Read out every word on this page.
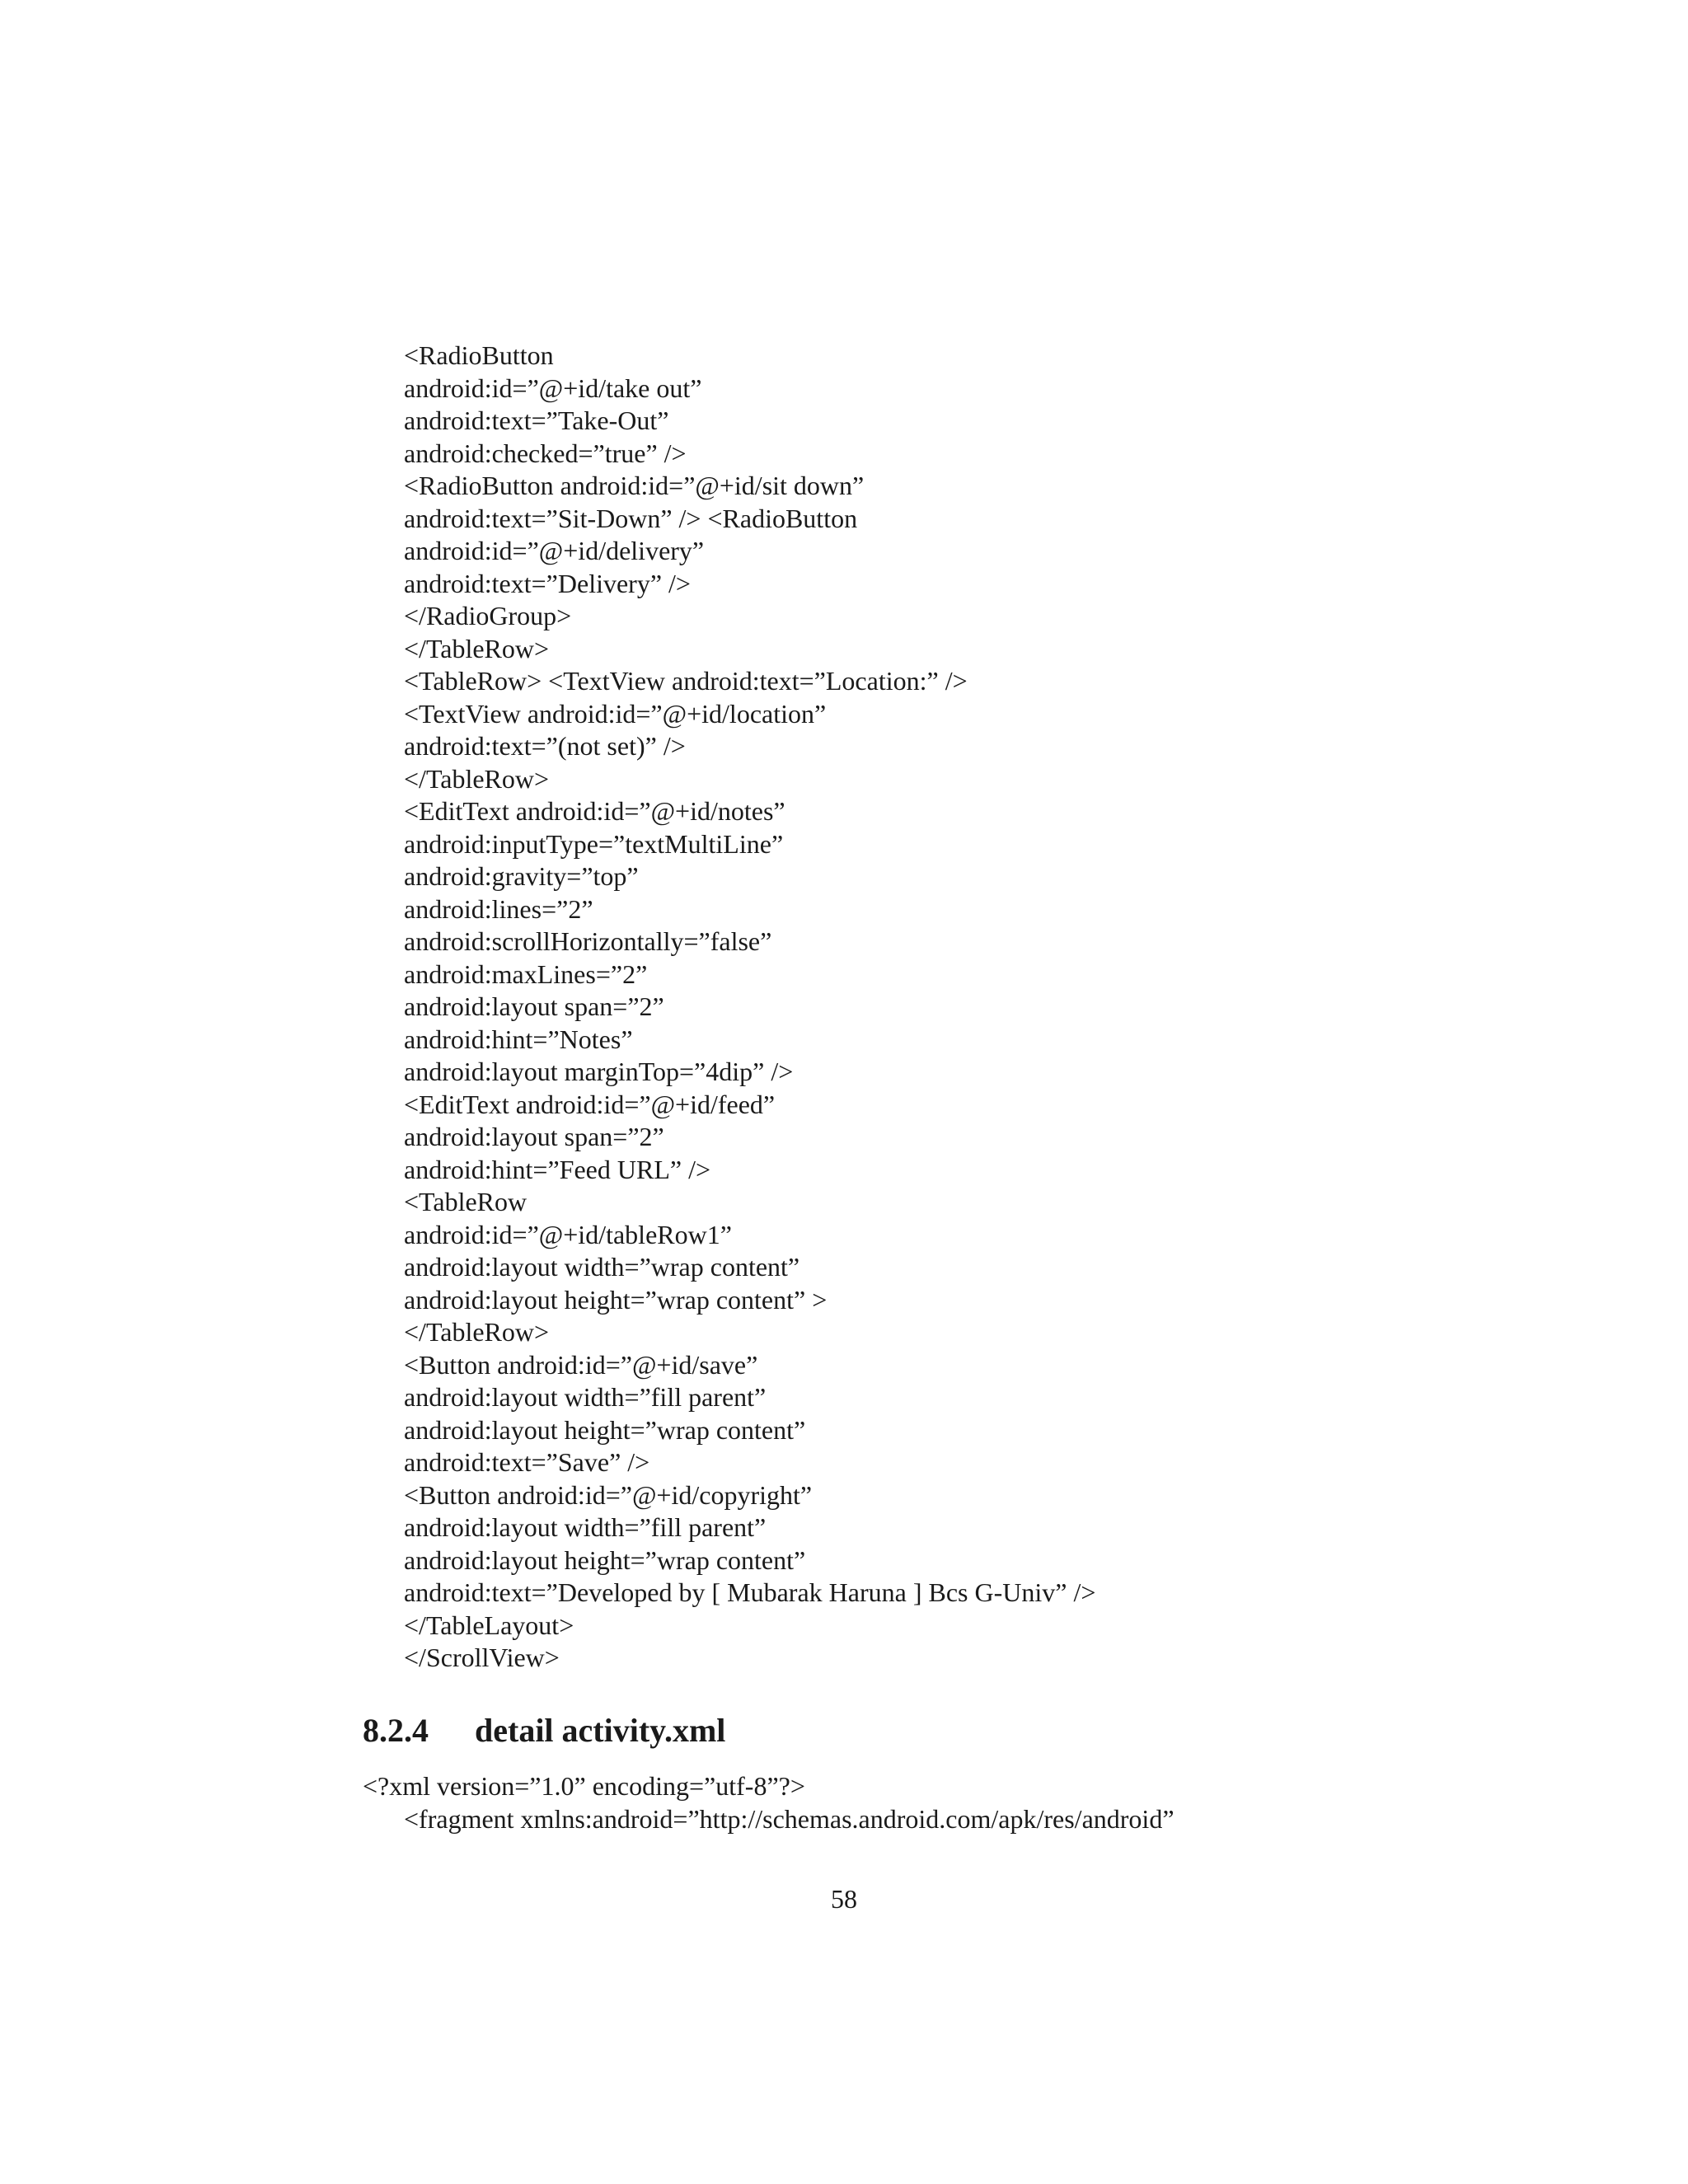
<RadioButton
android:id=”@+id/take out”
android:text=”Take-Out”
android:checked=”true” />
<RadioButton android:id=”@+id/sit down”
android:text=”Sit-Down” /> <RadioButton
android:id=”@+id/delivery”
android:text=”Delivery” />
</RadioGroup>
</TableRow>
<TableRow> <TextView android:text=”Location:” />
<TextView android:id=”@+id/location”
android:text=”(not set)” />
</TableRow>
<EditText android:id=”@+id/notes”
android:inputType=”textMultiLine”
android:gravity=”top”
android:lines=”2”
android:scrollHorizontally=”false”
android:maxLines=”2”
android:layout span=”2”
android:hint=”Notes”
android:layout marginTop=”4dip” />
<EditText android:id=”@+id/feed”
android:layout span=”2”
android:hint=”Feed URL” />
<TableRow
android:id=”@+id/tableRow1”
android:layout width=”wrap content”
android:layout height=”wrap content” >
</TableRow>
<Button android:id=”@+id/save”
android:layout width=”fill parent”
android:layout height=”wrap content”
android:text=”Save” />
<Button android:id=”@+id/copyright”
android:layout width=”fill parent”
android:layout height=”wrap content”
android:text=”Developed by [ Mubarak Haruna ] Bcs G-Univ” />
</TableLayout>
</ScrollView>
8.2.4 detail activity.xml
<?xml version=”1.0” encoding=”utf-8”?>
<fragment xmlns:android=”http://schemas.android.com/apk/res/android”
58
